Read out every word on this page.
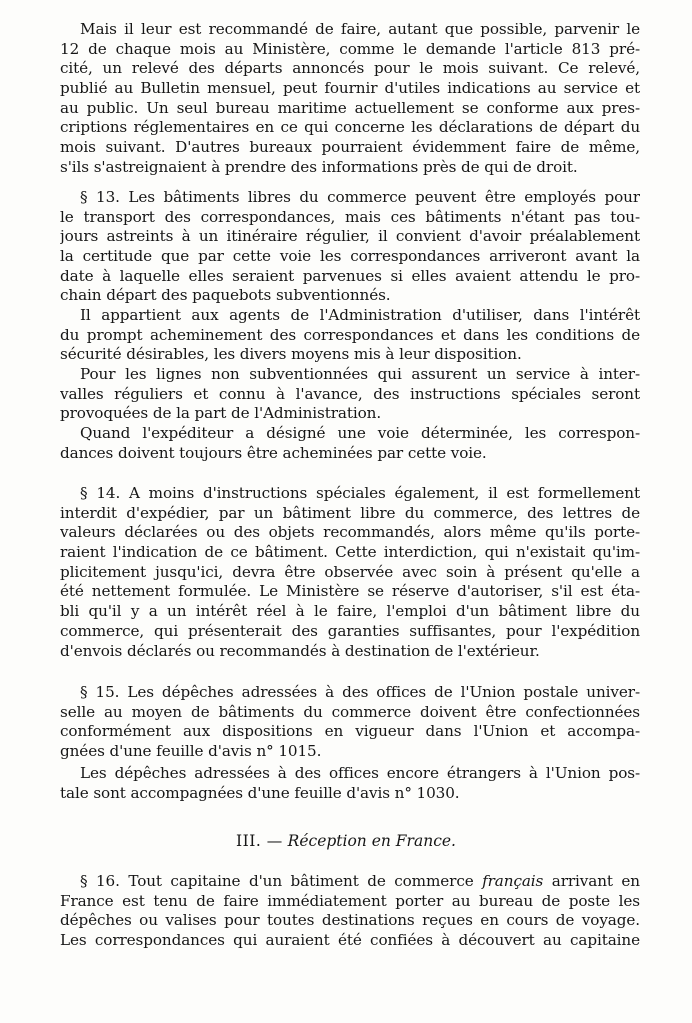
Mais il leur est recommandé de faire, autant que possible, parvenir le
12 de chaque mois au Ministère, comme le demande l'article 813 pré-
cité, un relevé des départs annoncés pour le mois suivant. Ce relevé,
publié au Bulletin mensuel, peut fournir d'utiles indications au service et
au public. Un seul bureau maritime actuellement se conforme aux pres-
criptions réglementaires en ce qui concerne les déclarations de départ du
mois suivant. D'autres bureaux pourraient évidemment faire de même,
s'ils s'astreignaient à prendre des informations près de qui de droit.
§ 13. Les bâtiments libres du commerce peuvent être employés pour
le transport des correspondances, mais ces bâtiments n'étant pas tou-
jours astreints à un itinéraire régulier, il convient d'avoir préalablement
la certitude que par cette voie les correspondances arriveront avant la
date à laquelle elles seraient parvenues si elles avaient attendu le pro-
chain départ des paquebots subventionnés.
Il appartient aux agents de l'Administration d'utiliser, dans l'intérêt
du prompt acheminement des correspondances et dans les conditions de
sécurité désirables, les divers moyens mis à leur disposition.
Pour les lignes non subventionnées qui assurent un service à inter-
valles réguliers et connu à l'avance, des instructions spéciales seront
provoquées de la part de l'Administration.
Quand l'expéditeur a désigné une voie déterminée, les correspon-
dances doivent toujours être acheminées par cette voie.
§ 14. A moins d'instructions spéciales également, il est formellement
interdit d'expédier, par un bâtiment libre du commerce, des lettres de
valeurs déclarées ou des objets recommandés, alors même qu'ils porte-
raient l'indication de ce bâtiment. Cette interdiction, qui n'existait qu'im-
plicitement jusqu'ici, devra être observée avec soin à présent qu'elle a
été nettement formulée. Le Ministère se réserve d'autoriser, s'il est éta-
bli qu'il y a un intérêt réel à le faire, l'emploi d'un bâtiment libre du
commerce, qui présenterait des garanties suffisantes, pour l'expédition
d'envois déclarés ou recommandés à destination de l'extérieur.
§ 15. Les dépêches adressées à des offices de l'Union postale univer-
selle au moyen de bâtiments du commerce doivent être confectionnées
conformément aux dispositions en vigueur dans l'Union et accompa-
gnées d'une feuille d'avis n° 1015.
Les dépêches adressées à des offices encore étrangers à l'Union pos-
tale sont accompagnées d'une feuille d'avis n° 1030.
III. — Réception en France.
§ 16. Tout capitaine d'un bâtiment de commerce français arrivant en
France est tenu de faire immédiatement porter au bureau de poste les
dépêches ou valises pour toutes destinations reçues en cours de voyage.
Les correspondances qui auraient été confiées à découvert au capitaine
